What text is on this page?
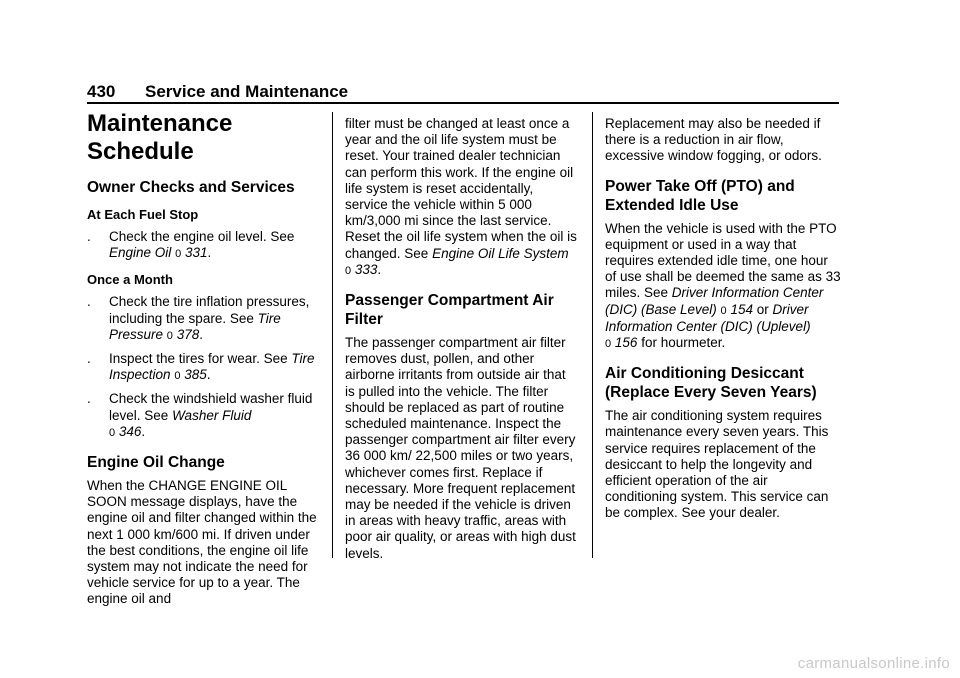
430 Service and Maintenance
Maintenance
Schedule
Owner Checks and Services
At Each Fuel Stop
.	Check the engine oil level. See Engine Oil 0 331.
Once a Month
.	Check the tire inflation pressures, including the spare. See Tire Pressure 0 378.
.	Inspect the tires for wear. See Tire Inspection 0 385.
.	Check the windshield washer fluid level. See Washer Fluid
0 346.
Engine Oil Change

When the CHANGE ENGINE OIL SOON message displays, have the engine oil and filter changed within the next 1 000 km/600 mi. If driven under the best conditions, the engine oil life system may not indicate the need for vehicle service for up to a year. The engine oil and

filter must be changed at least once a year and the oil life system must be reset. Your trained dealer technician can perform this work. If the engine oil life system is reset accidentally, service the vehicle within 5 000 km/3,000 mi since the last service. Reset the oil life system when the oil is changed. See Engine Oil Life System 0 333.

Passenger Compartment Air Filter

The passenger compartment air filter removes dust, pollen, and other airborne irritants from outside air that is pulled into the vehicle. The filter should be replaced as part of routine scheduled maintenance. Inspect the passenger compartment air filter every 36 000 km/ 22,500 miles or two years, whichever comes first. Replace if necessary. More frequent replacement may be needed if the vehicle is driven in areas with heavy traffic, areas with poor air quality, or areas with high dust levels.

Replacement may also be needed if there is a reduction in air flow, excessive window fogging, or odors.

Power Take Off (PTO) and Extended Idle Use

When the vehicle is used with the PTO equipment or used in a way that requires extended idle time, one hour of use shall be deemed the same as 33 miles. See Driver Information Center (DIC) (Base Level) 0 154 or Driver Information Center (DIC) (Uplevel)
0 156 for hourmeter.

Air Conditioning Desiccant (Replace Every Seven Years)

The air conditioning system requires maintenance every seven years. This service requires replacement of the desiccant to help the longevity and efficient operation of the air conditioning system. This service can be complex. See your dealer.

carmanualsonline.info
